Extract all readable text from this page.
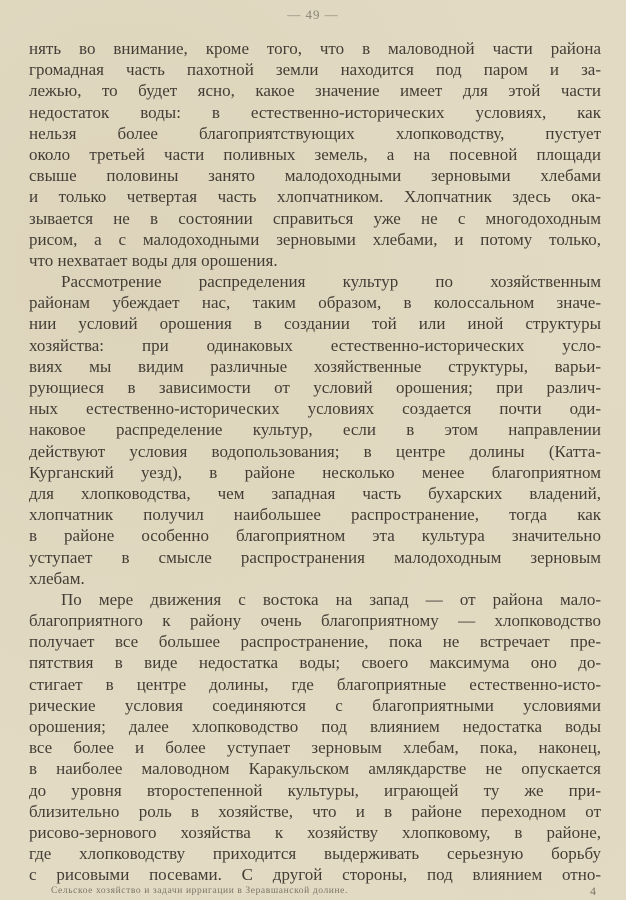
— 49 —
нять во внимание, кроме того, что в маловодной части района
громадная часть пахотной земли находится под паром и за-
лежью, то будет ясно, какое значение имеет для этой части
недостаток воды: в естественно-исторических условиях, как
нельзя более благоприятствующих хлопководству, пустует
около третьей части поливных земель, а на посевной площади
свыше половины занято малодоходными зерновыми хлебами
и только четвертая часть хлопчатником. Хлопчатник здесь ока-
зывается не в состоянии справиться уже не с многодоходным
рисом, а с малодоходными зерновыми хлебами, и потому только,
что нехватает воды для орошения.
Рассмотрение распределения культур по хозяйственным
районам убеждает нас, таким образом, в колоссальном значе-
нии условий орошения в создании той или иной структуры
хозяйства: при одинаковых естественно-исторических усло-
виях мы видим различные хозяйственные структуры, варьи-
рующиеся в зависимости от условий орошения; при различ-
ных естественно-исторических условиях создается почти оди-
наковое распределение культур, если в этом направлении
действуют условия водопользования; в центре долины (Катта-
Курганский уезд), в районе несколько менее благоприятном
для хлопководства, чем западная часть бухарских владений,
хлопчатник получил наибольшее распространение, тогда как
в районе особенно благоприятном эта культура значительно
уступает в смысле распространения малодоходным зерновым
хлебам.
По мере движения с востока на запад — от района мало-
благоприятного к району очень благоприятному — хлопководство
получает все большее распространение, пока не встречает пре-
пятствия в виде недостатка воды; своего максимума оно до-
стигает в центре долины, где благоприятные естественно-исто-
рические условия соединяются с благоприятными условиями
орошения; далее хлопководство под влиянием недостатка воды
все более и более уступает зерновым хлебам, пока, наконец,
в наиболее маловодном Каракульском амлякдарстве не опускается
до уровня второстепенной культуры, играющей ту же при-
близительно роль в хозяйстве, что и в районе переходном от
рисово-зернового хозяйства к хозяйству хлопковому, в районе,
где хлопководству приходится выдерживать серьезную борьбу
с рисовыми посевами. С другой стороны, под влиянием отно-
Сельское хозяйство и задачи ирригации в Зеравшанской долине.	4
